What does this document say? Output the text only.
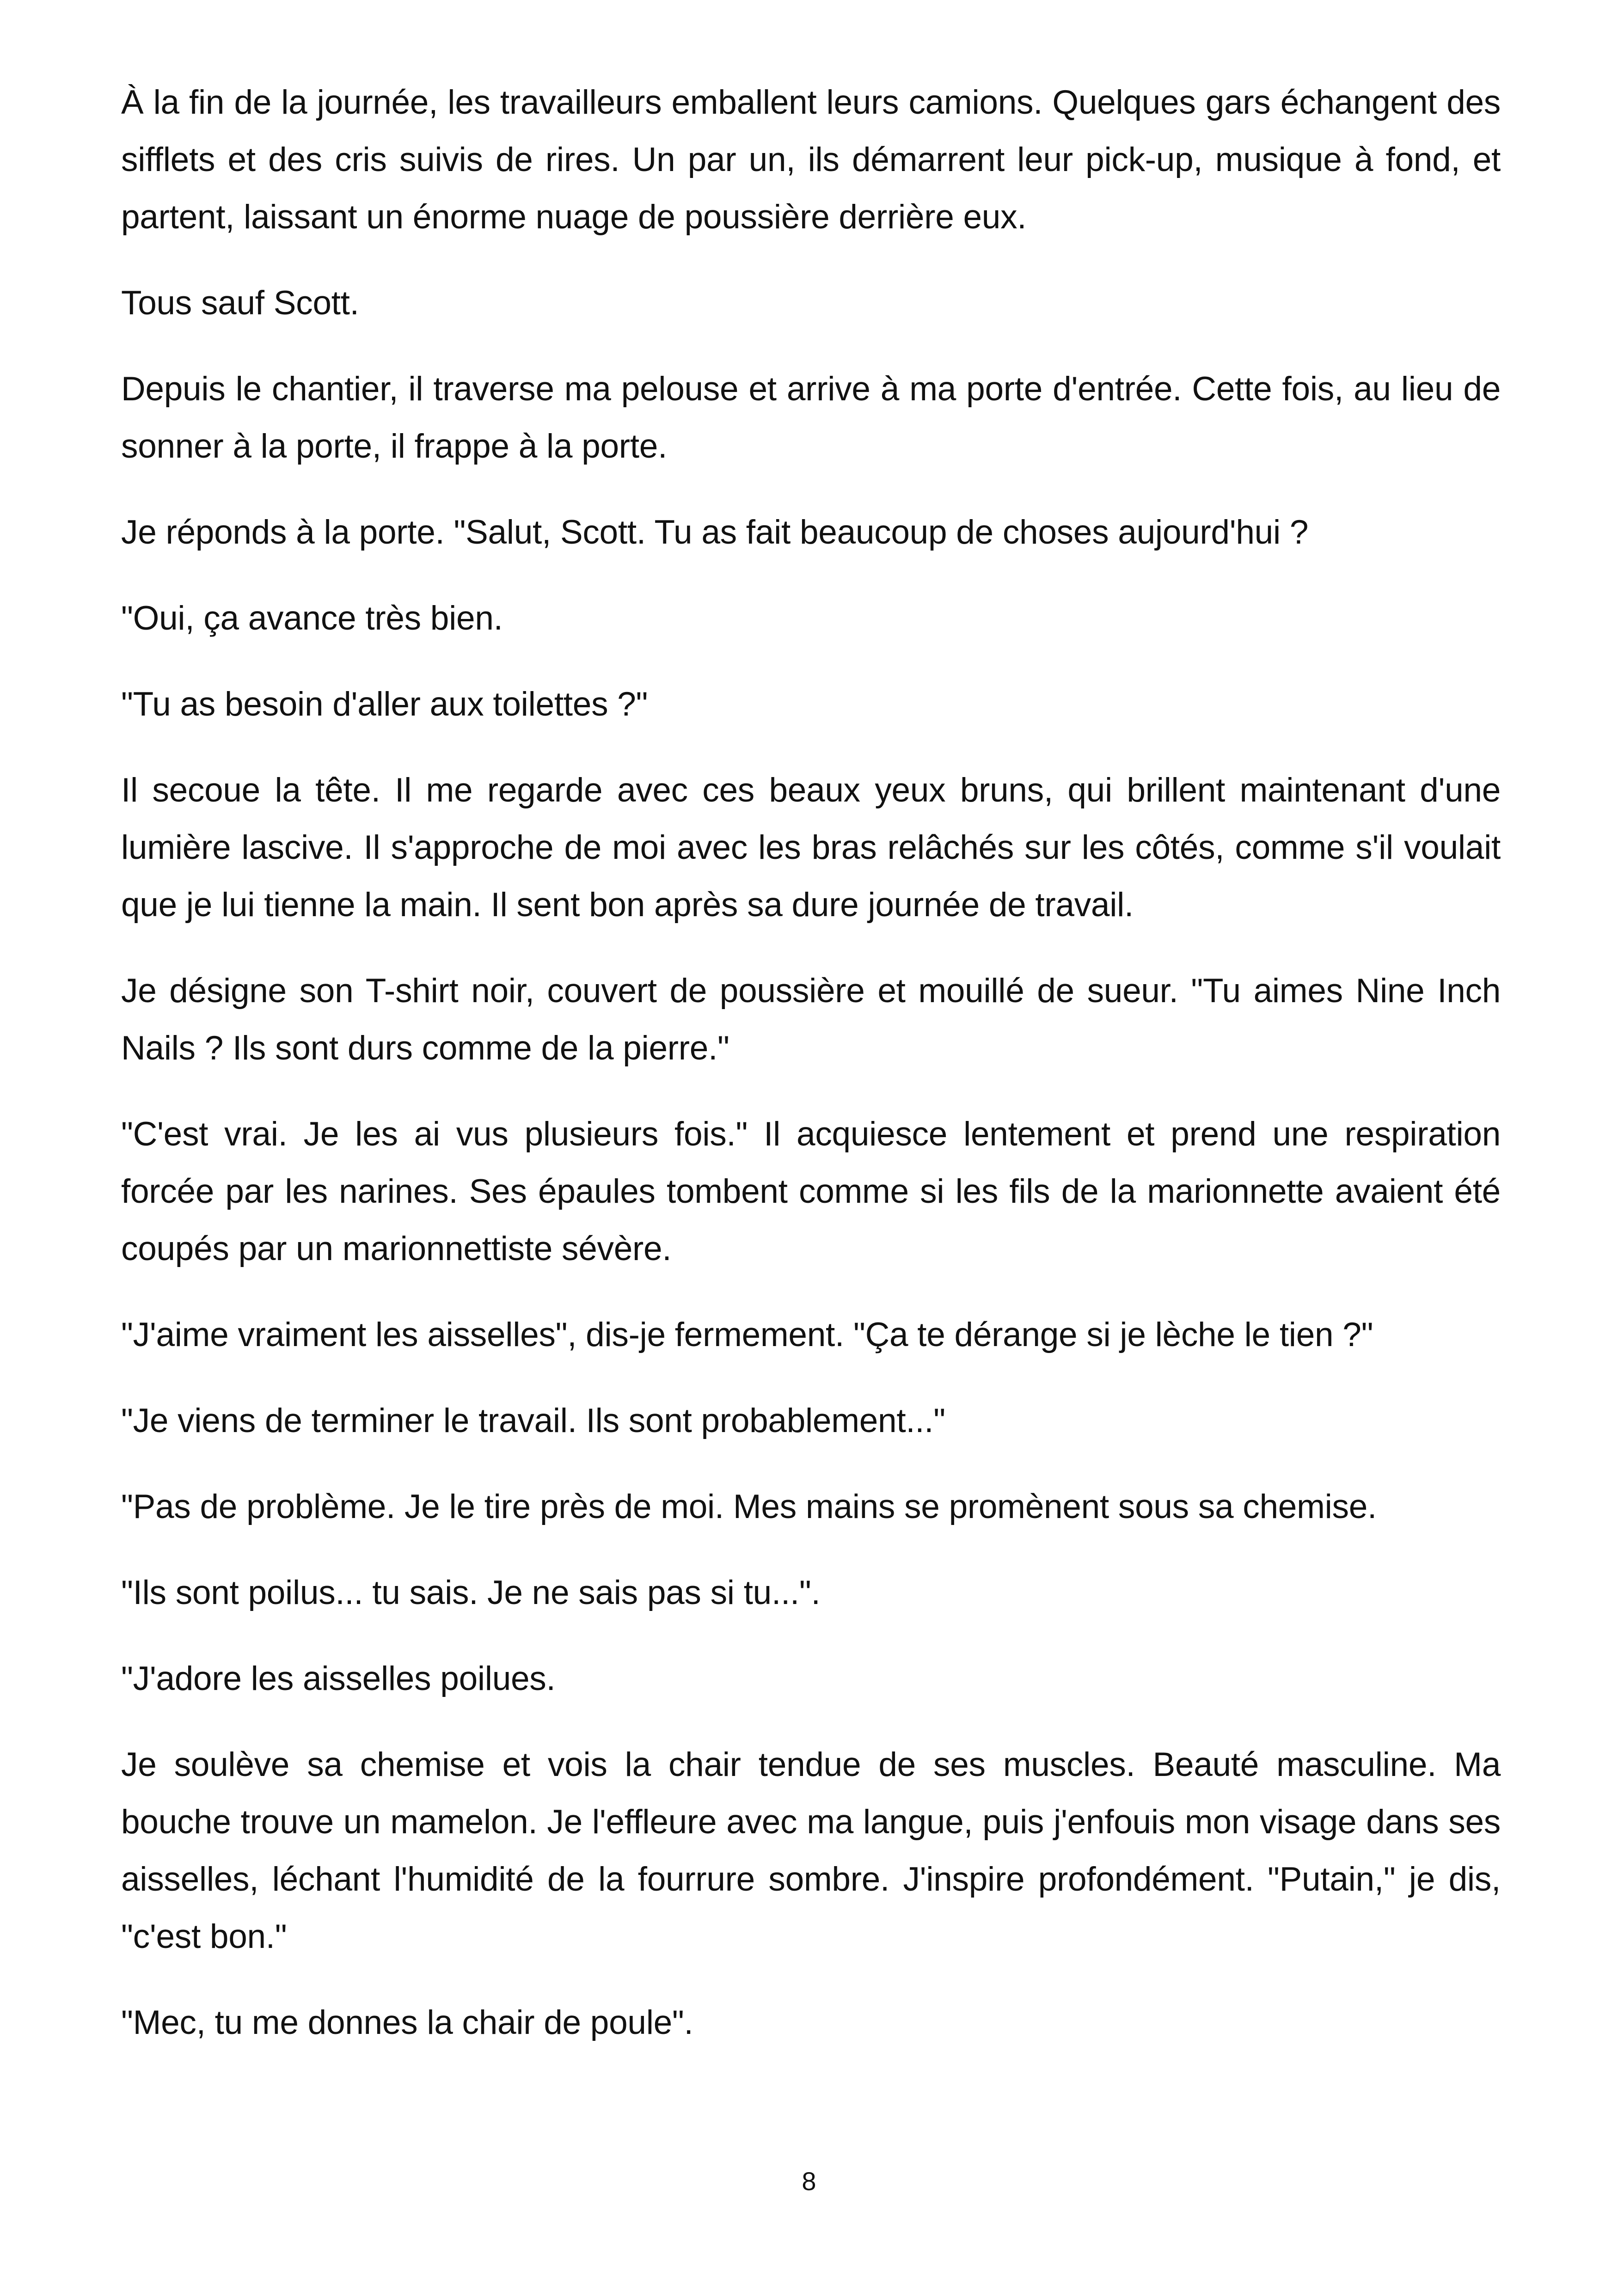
À la fin de la journée, les travailleurs emballent leurs camions. Quelques gars échangent des sifflets et des cris suivis de rires. Un par un, ils démarrent leur pick-up, musique à fond, et partent, laissant un énorme nuage de poussière derrière eux.

Tous sauf Scott.

Depuis le chantier, il traverse ma pelouse et arrive à ma porte d'entrée. Cette fois, au lieu de sonner à la porte, il frappe à la porte.

Je réponds à la porte. "Salut, Scott. Tu as fait beaucoup de choses aujourd'hui ?

"Oui, ça avance très bien.

"Tu as besoin d'aller aux toilettes ?"

Il secoue la tête. Il me regarde avec ces beaux yeux bruns, qui brillent maintenant d'une lumière lascive. Il s'approche de moi avec les bras relâchés sur les côtés, comme s'il voulait que je lui tienne la main. Il sent bon après sa dure journée de travail.

Je désigne son T-shirt noir, couvert de poussière et mouillé de sueur. "Tu aimes Nine Inch Nails ? Ils sont durs comme de la pierre."

"C'est vrai. Je les ai vus plusieurs fois." Il acquiesce lentement et prend une respiration forcée par les narines. Ses épaules tombent comme si les fils de la marionnette avaient été coupés par un marionnettiste sévère.

"J'aime vraiment les aisselles", dis-je fermement. "Ça te dérange si je lèche le tien ?"

"Je viens de terminer le travail. Ils sont probablement..."

"Pas de problème. Je le tire près de moi. Mes mains se promènent sous sa chemise.

"Ils sont poilus... tu sais. Je ne sais pas si tu...".

"J'adore les aisselles poilues.

Je soulève sa chemise et vois la chair tendue de ses muscles. Beauté masculine. Ma bouche trouve un mamelon. Je l'effleure avec ma langue, puis j'enfouis mon visage dans ses aisselles, léchant l'humidité de la fourrure sombre. J'inspire profondément. "Putain," je dis, "c'est bon."

"Mec, tu me donnes la chair de poule".

8
